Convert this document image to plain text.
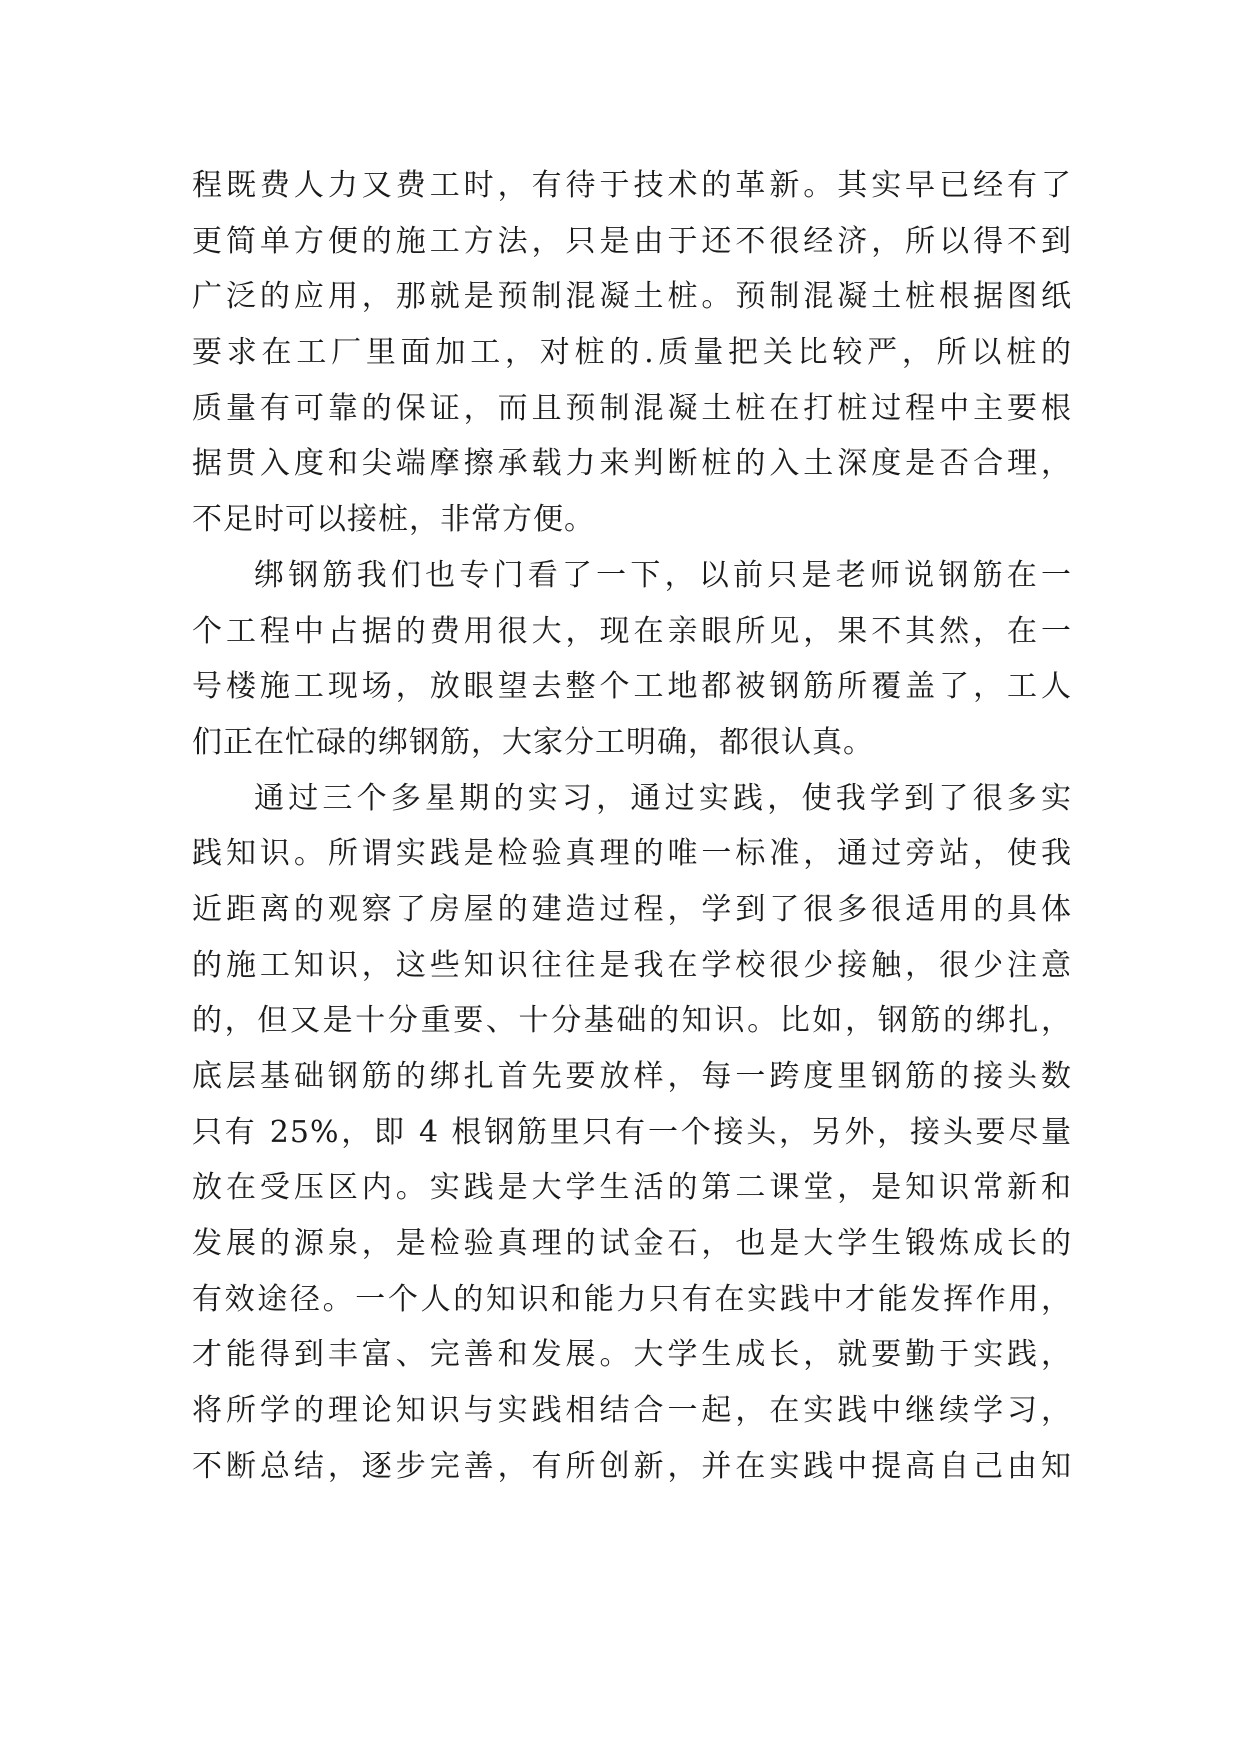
程既费人力又费工时，有待于技术的革新。其实早已经有了
更简单方便的施工方法，只是由于还不很经济，所以得不到
广泛的应用，那就是预制混凝土桩。预制混凝土桩根据图纸
要求在工厂里面加工，对桩的.质量把关比较严，所以桩的
质量有可靠的保证，而且预制混凝土桩在打桩过程中主要根
据贯入度和尖端摩擦承载力来判断桩的入土深度是否合理，
不足时可以接桩，非常方便。
绑钢筋我们也专门看了一下，以前只是老师说钢筋在一
个工程中占据的费用很大，现在亲眼所见，果不其然，在一
号楼施工现场，放眼望去整个工地都被钢筋所覆盖了，工人
们正在忙碌的绑钢筋，大家分工明确，都很认真。
通过三个多星期的实习，通过实践，使我学到了很多实
践知识。所谓实践是检验真理的唯一标准，通过旁站，使我
近距离的观察了房屋的建造过程，学到了很多很适用的具体
的施工知识，这些知识往往是我在学校很少接触，很少注意
的，但又是十分重要、十分基础的知识。比如，钢筋的绑扎，
底层基础钢筋的绑扎首先要放样，每一跨度里钢筋的接头数
只有 25%，即 4 根钢筋里只有一个接头，另外，接头要尽量
放在受压区内。实践是大学生活的第二课堂，是知识常新和
发展的源泉，是检验真理的试金石，也是大学生锻炼成长的
有效途径。一个人的知识和能力只有在实践中才能发挥作用，
才能得到丰富、完善和发展。大学生成长，就要勤于实践，
将所学的理论知识与实践相结合一起，在实践中继续学习，
不断总结，逐步完善，有所创新，并在实践中提高自己由知
